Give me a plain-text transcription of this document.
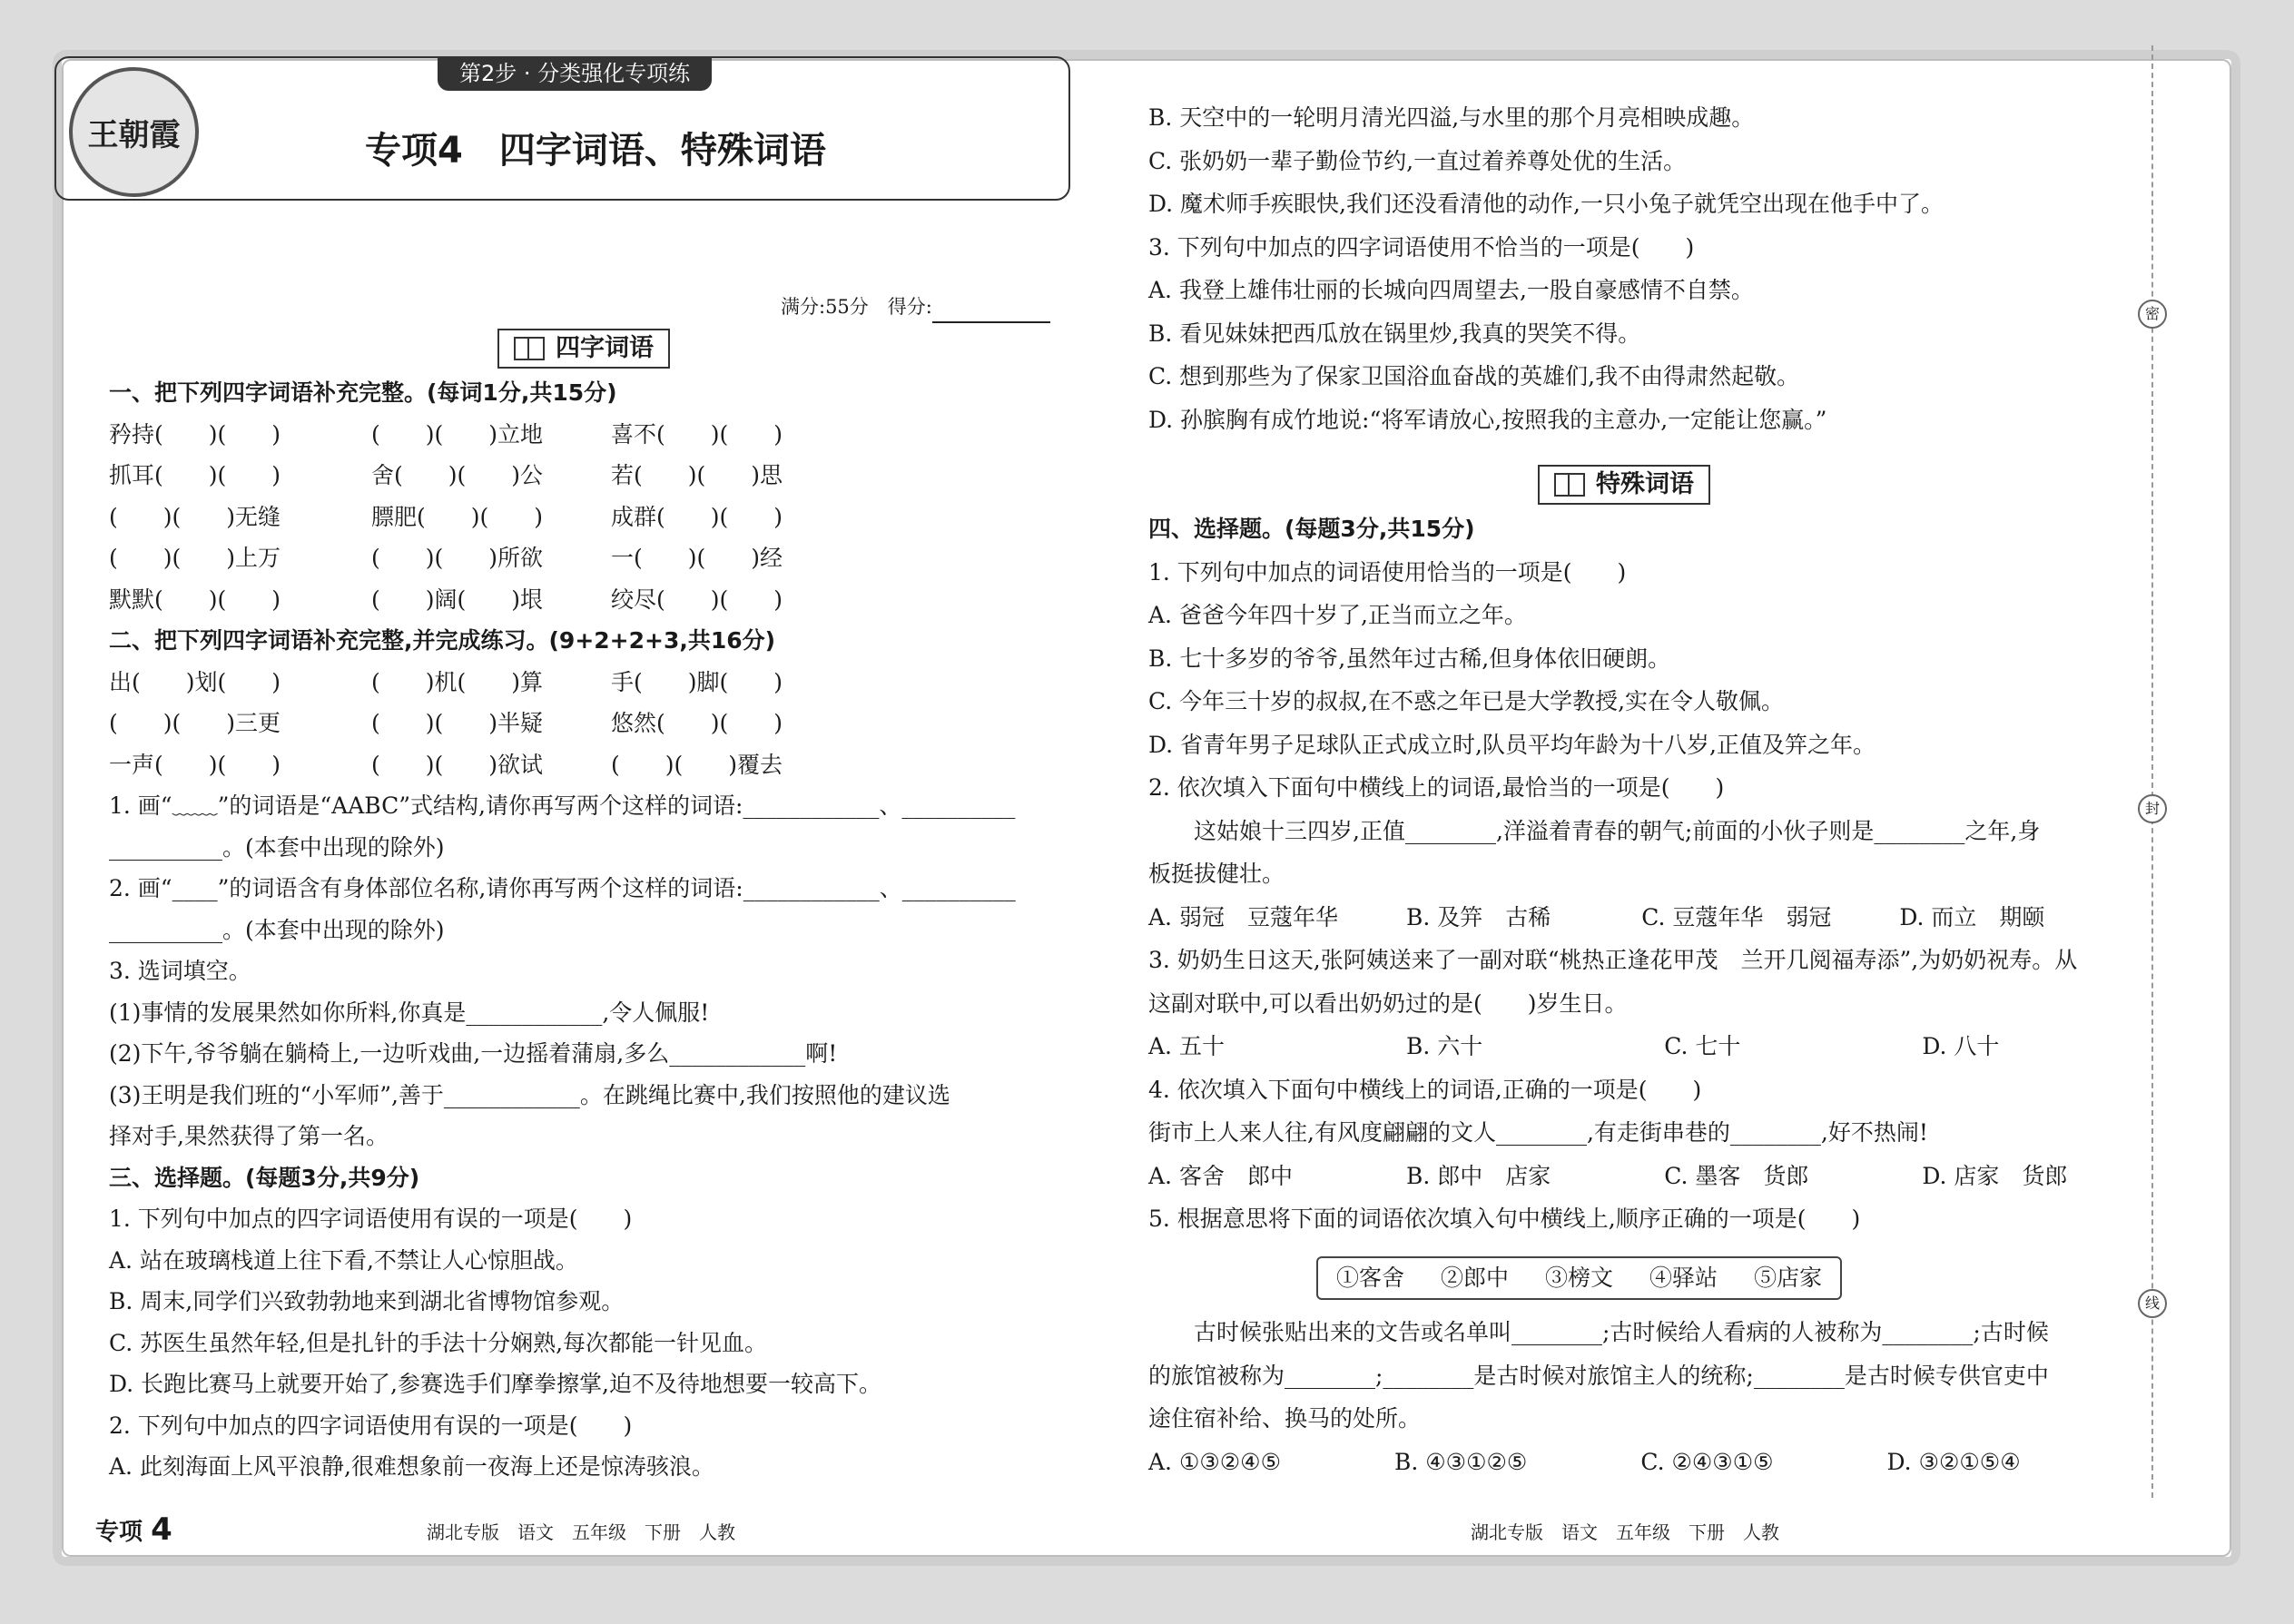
王朝霞
第2步 · 分类强化专项练
专项4　四字词语、特殊词语
满分:55分　得分:
四字词语
一、把下列四字词语补充完整。(每词1分,共15分)
矜持(　　)(　　)　　　　(　　)(　　)立地　　　喜不(　　)(　　)
抓耳(　　)(　　)　　　　舍(　　)(　　)公　　　若(　　)(　　)思
(　　)(　　)无缝　　　　膘肥(　　)(　　)　　　成群(　　)(　　)
(　　)(　　)上万　　　　(　　)(　　)所欲　　　一(　　)(　　)经
默默(　　)(　　)　　　　(　　)阔(　　)垠　　　绞尽(　　)(　　)
二、把下列四字词语补充完整,并完成练习。(9+2+2+3,共16分)
出(　　)划(　　)　　　　(　　)机(　　)算　　　手(　　)脚(　　)
(　　)(　　)三更　　　　(　　)(　　)半疑　　　悠然(　　)(　　)
一声(　　)(　　)　　　　(　　)(　　)欲试　　　(　　)(　　)覆去
1. 画“﹏﹏”的词语是“AABC”式结构,请你再写两个这样的词语:____________、__________
__________。(本套中出现的除外)
2. 画“____”的词语含有身体部位名称,请你再写两个这样的词语:____________、__________
__________。(本套中出现的除外)
3. 选词填空。
(1)事情的发展果然如你所料,你真是____________,令人佩服!
(2)下午,爷爷躺在躺椅上,一边听戏曲,一边摇着蒲扇,多么____________啊!
(3)王明是我们班的“小军师”,善于____________。在跳绳比赛中,我们按照他的建议选
择对手,果然获得了第一名。
三、选择题。(每题3分,共9分)
1. 下列句中加点的四字词语使用有误的一项是(　　)
A. 站在玻璃栈道上往下看,不禁让人心惊胆战。
B. 周末,同学们兴致勃勃地来到湖北省博物馆参观。
C. 苏医生虽然年轻,但是扎针的手法十分娴熟,每次都能一针见血。
D. 长跑比赛马上就要开始了,参赛选手们摩拳擦掌,迫不及待地想要一较高下。
2. 下列句中加点的四字词语使用有误的一项是(　　)
A. 此刻海面上风平浪静,很难想象前一夜海上还是惊涛骇浪。
B. 天空中的一轮明月清光四溢,与水里的那个月亮相映成趣。
C. 张奶奶一辈子勤俭节约,一直过着养尊处优的生活。
D. 魔术师手疾眼快,我们还没看清他的动作,一只小兔子就凭空出现在他手中了。
3. 下列句中加点的四字词语使用不恰当的一项是(　　)
A. 我登上雄伟壮丽的长城向四周望去,一股自豪感情不自禁。
B. 看见妹妹把西瓜放在锅里炒,我真的哭笑不得。
C. 想到那些为了保家卫国浴血奋战的英雄们,我不由得肃然起敬。
D. 孙膑胸有成竹地说:“将军请放心,按照我的主意办,一定能让您赢。”
特殊词语
四、选择题。(每题3分,共15分)
1. 下列句中加点的词语使用恰当的一项是(　　)
A. 爸爸今年四十岁了,正当而立之年。
B. 七十多岁的爷爷,虽然年过古稀,但身体依旧硬朗。
C. 今年三十岁的叔叔,在不惑之年已是大学教授,实在令人敬佩。
D. 省青年男子足球队正式成立时,队员平均年龄为十八岁,正值及笄之年。
2. 依次填入下面句中横线上的词语,最恰当的一项是(　　)
　　这姑娘十三四岁,正值________,洋溢着青春的朝气;前面的小伙子则是________之年,身
板挺拔健壮。
A. 弱冠　豆蔻年华　　　B. 及笄　古稀　　　　C. 豆蔻年华　弱冠　　　D. 而立　期颐
3. 奶奶生日这天,张阿姨送来了一副对联“桃热正逢花甲茂　兰开几阅福寿添”,为奶奶祝寿。从
这副对联中,可以看出奶奶过的是(　　)岁生日。
A. 五十　　　　　　　　B. 六十　　　　　　　　C. 七十　　　　　　　　D. 八十
4. 依次填入下面句中横线上的词语,正确的一项是(　　)
街市上人来人往,有风度翩翩的文人________,有走街串巷的________,好不热闹!
A. 客舍　郎中　　　　　B. 郎中　店家　　　　　C. 墨客　货郎　　　　　D. 店家　货郎
5. 根据意思将下面的词语依次填入句中横线上,顺序正确的一项是(　　)
①客舍 ②郎中 ③榜文 ④驿站 ⑤店家
　　古时候张贴出来的文告或名单叫________;古时候给人看病的人被称为________;古时候
的旅馆被称为________;________是古时候对旅馆主人的统称;________是古时候专供官吏中
途住宿补给、换马的处所。
A. ①③②④⑤　　　　　B. ④③①②⑤　　　　　C. ②④③①⑤　　　　　D. ③②①⑤④
密
封
线
专项 4	湖北专版　语文　五年级　下册　人教	湖北专版　语文　五年级　下册　人教
